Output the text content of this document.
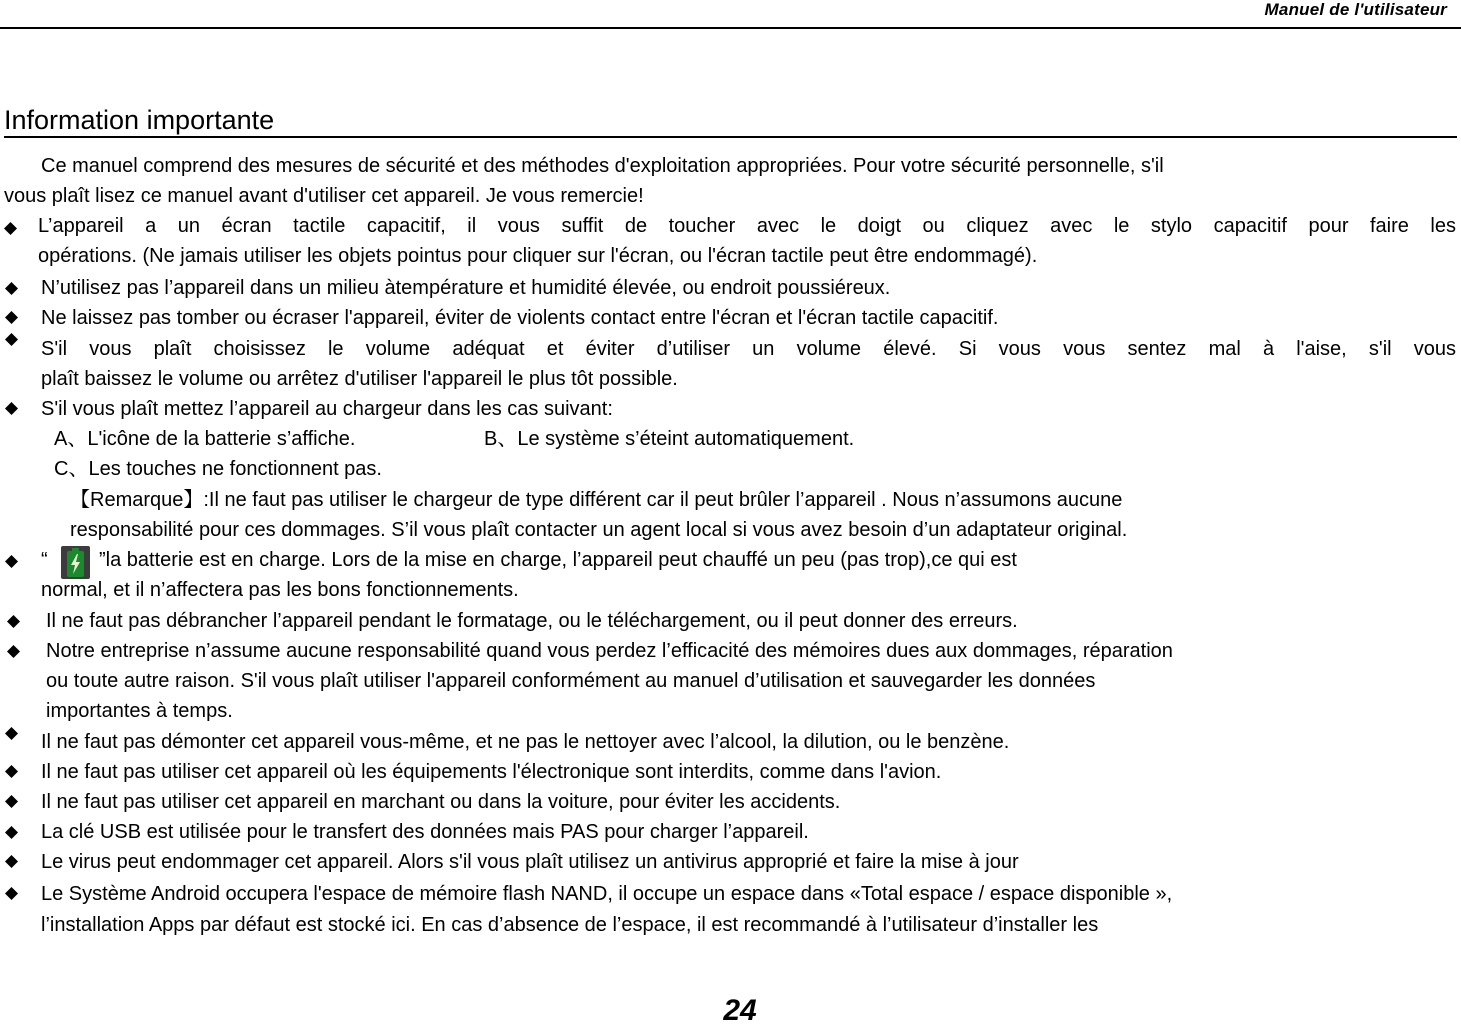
Manuel de l'utilisateur
Information importante
Ce manuel comprend des mesures de sécurité et des méthodes d'exploitation appropriées. Pour votre sécurité personnelle, s'il
vous plaît lisez ce manuel avant d'utiliser cet appareil. Je vous remercie!
L’appareil a un écran tactile capacitif, il vous suffit de toucher avec le doigt ou cliquez avec le stylo capacitif pour faire les
opérations. (Ne jamais utiliser les objets pointus pour cliquer sur l'écran, ou l'écran tactile peut être endommagé).
N’utilisez pas l’appareil dans un milieu àtempérature et humidité élevée, ou endroit poussiéreux.
Ne laissez pas tomber ou écraser l'appareil, éviter de violents contact entre l'écran et l'écran tactile capacitif.
S'il vous plaît choisissez le volume adéquat et éviter d’utiliser un volume élevé. Si vous vous sentez mal à l'aise, s'il vous
plaît baissez le volume ou arrêtez d'utiliser l'appareil le plus tôt possible.
S'il vous plaît mettez l’appareil au chargeur dans les cas suivant:
A、L'icône de la batterie s’affiche.	B、Le système s’éteint automatiquement.
C、Les touches ne fonctionnent pas.
【Remarque】:Il ne faut pas utiliser le chargeur de type différent car il peut brûler l’appareil . Nous n’assumons aucune
responsabilité pour ces dommages. S’il vous plaît contacter un agent local si vous avez besoin d’un adaptateur original.
“	”la batterie est en charge. Lors de la mise en charge, l’appareil peut chauffé un peu (pas trop),ce qui est
normal, et il n’affectera pas les bons fonctionnements.
Il ne faut pas débrancher l’appareil pendant le formatage, ou le téléchargement, ou il peut donner des erreurs.
Notre entreprise n’assume aucune responsabilité quand vous perdez l’efficacité des mémoires dues aux dommages, réparation
ou toute autre raison. S'il vous plaît utiliser l'appareil conformément au manuel d’utilisation et sauvegarder les données
importantes à temps.
Il ne faut pas démonter cet appareil vous-même, et ne pas le nettoyer avec l’alcool, la dilution, ou le benzène.
Il ne faut pas utiliser cet appareil où les équipements l'électronique sont interdits, comme dans l'avion.
Il ne faut pas utiliser cet appareil en marchant ou dans la voiture, pour éviter les accidents.
La clé USB est utilisée pour le transfert des données mais PAS pour charger l’appareil.
Le virus peut endommager cet appareil. Alors s'il vous plaît utilisez un antivirus approprié et faire la mise à jour
Le Système Android occupera l'espace de mémoire flash NAND, il occupe un espace dans «Total espace / espace disponible »,
l’installation Apps par défaut est stocké ici. En cas d’absence de l’espace, il est recommandé à l’utilisateur d’installer les
24
